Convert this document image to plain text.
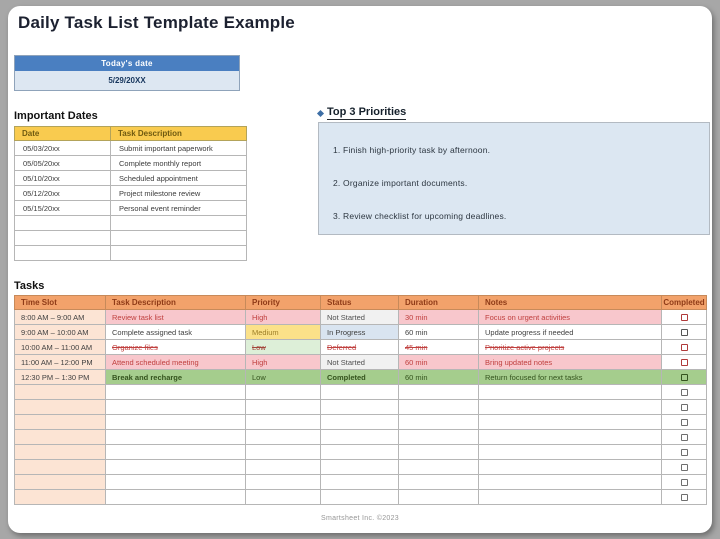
Daily Task List Template Example
Today's date
5/29/20XX
Important Dates
Date	Task Description
05/03/20xx	Submit important paperwork
05/05/20xx	Complete monthly report
05/10/20xx	Scheduled appointment
05/12/20xx	Project milestone review
05/15/20xx	Personal event reminder

Top 3 Priorities
1. Finish high-priority task by afternoon.
2. Organize important documents.
3. Review checklist for upcoming deadlines.
Tasks
Time Slot	Task Description	Priority	Status	Duration	Notes	Completed
8:00 AM – 9:00 AM	Review task list	High	Not Started	30 min	Focus on urgent activities	
9:00 AM – 10:00 AM	Complete assigned task	Medium	In Progress	60 min	Update progress if needed	
10:00 AM – 11:00 AM	Organize files	Low	Deferred	45 min	Prioritize active projects	
11:00 AM – 12:00 PM	Attend scheduled meeting	High	Not Started	60 min	Bring updated notes	
12:30 PM – 1:30 PM	Break and recharge	Low	Completed	60 min	Return focused for next tasks	

Smartsheet Inc. ©2023
